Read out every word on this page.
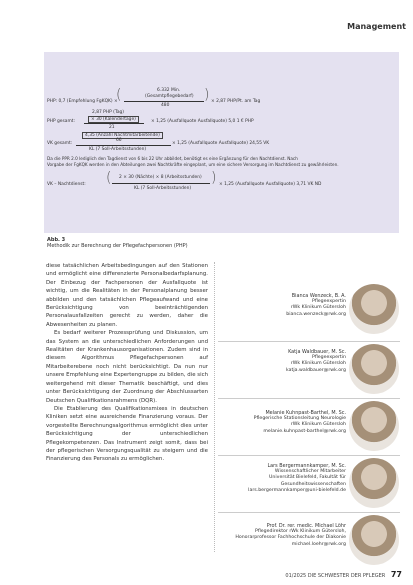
Management
PHP: 0,7 (Empfehlung FgKQK) ×
(	6.332 Min.
(Gesamtpflegebedarf)
480
) × 2,87 PHP/Pt. am Tag
PHP gesamt:
2,87 PHP (Tag)
× 30 (Kalendertage)
21
× 1,25 (Ausfallquote Ausfallquote) 5,0 1 € PHP
VK gesamt:
4,35 (Anzahl Nachtmitarbeitende)
66
KL (7 Soll-Arbeitsstunden)
× 1,25 (Ausfallquote Ausfallquote) 24,55 VK
Da die PPR 2.0 lediglich den Tagdienst von 6 bis 22 Uhr abbildet, benötigt es eine Ergänzung für den Nachtdienst. Nach
Vorgabe der FgKQK werden in den Abteilungen zwei Nachtkräfte eingeplant, um eine sichere Versorgung im Nachtdienst zu gewährleisten.
VK – Nachtdienst: ( 2 × 30 (Nächte) × 8 (Arbeitsstunden)
KL (7 Soll-Arbeitsstunden)
) × 1,25 (Ausfallquote Ausfallquote) 3,71 VK ND
Abb. 3
Methodik zur Berechnung der Pflegefachpersonen (PHP)

diese tatsächlichen Arbeitsbedingungen auf den Stationen und ermöglicht eine differenzierte Personalbedarfsplanung. Der Einbezug der Fachpersonen der Ausfallquote ist wichtig, um die Realitäten in der Personalplanung besser abbilden und den tatsächlichen Pflegeaufwand und eine Berücksichtigung von beeinträchtigenden Personalausfallzeiten gerecht zu werden, daher die Abwesenheiten zu planen.

Es bedarf weiterer Prozessprüfung und Diskussion, um das System an die unterschiedlichen Anforderungen und Realitäten der Krankenhausorganisationen. Zudem sind in diesem Algorithmus Pflegefachpersonen auf Mitarbeiterebene noch nicht berücksichtigt. Da nun nur unsere Empfehlung eine Expertengruppe zu bilden, die sich weitergehend mit dieser Thematik beschäftigt, und dies unter Berücksichtigung der Zuordnung der Abschlussarten Deutschen Qualifikationsrahmens (DQR).

Die Etablierung des Qualifikationsmixes in deutschen Kliniken setzt eine ausreichende Finanzierung voraus. Der vorgestellte Berechnungsalgorithmus ermöglicht dies unter Berücksichtigung der unterschiedlichen Pflegekompetenzen. Das Instrument zeigt somit, dass bei der pflegerischen Versorgungsqualität zu steigern und die Finanzierung des Personals zu ermöglichen.

Bianca Wenzeck, B. A.
Pflegeexpertin
rWk Klinikum Gütersloh
bianca.wenzeck@rwk.org
Katja Waldbauer, M. Sc.
Pflegeexpertin
rWk Klinikum Gütersloh
katja.waldbauer@rwk.org
Melanie Kuhnpast-Barthel, M. Sc.
Pflegerische Stationsleitung Neurologie
rWk Klinikum Gütersloh
melanie.kuhnpast-barthel@rwk.org
Lars Bergermannkamper, M. Sc.
Wissenschaftlicher Mitarbeiter
Universität Bielefeld, Fakultät für Gesundheitswissenschaften
lars.bergermannkamper@uni-bielefeld.de
Prof. Dr. rer. medic. Michael Löhr
Pflegedirektor rWk Klinikum Gütersloh,
Honorarprofessor Fachhochschule der Diakonie
michael.loehr@rwk.org
01/2025 DIE SCHWESTER DER PFLEGER 77
